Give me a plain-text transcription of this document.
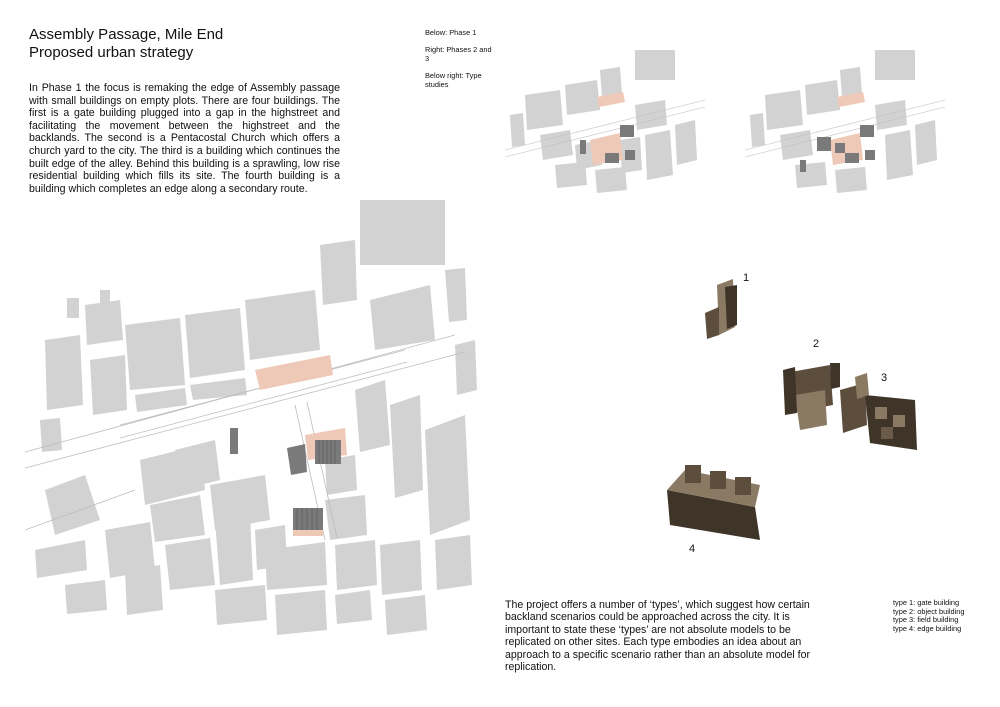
Assembly Passage, Mile End
Proposed urban strategy
In Phase 1 the focus is remaking the edge of Assembly passage with small buildings on empty plots. There are four buildings. The first is a gate building plugged into a gap in the highstreet and facilitating the movement between the highstreet and the backlands. The second is a Pentacostal Church which offers a church yard to the city. The third is a building which continues the built edge of the alley. Behind this building is a sprawling, low rise residential building which fills its site. The fourth building is a building which completes an edge along a secondary route.

Below: Phase 1

Right: Phases 2 and 3

Below right: Type studies

1
2
3
4
The project offers a number of ‘types’, which suggest how certain backland scenarios could be approached across the city. It is important to state these ‘types’ are not absolute models to be replicated on other sites. Each type embodies an idea about an approach to a specific scenario rather than an absolute model for replication.
type 1: gate building
type 2: object building
type 3: field building
type 4: edge building
